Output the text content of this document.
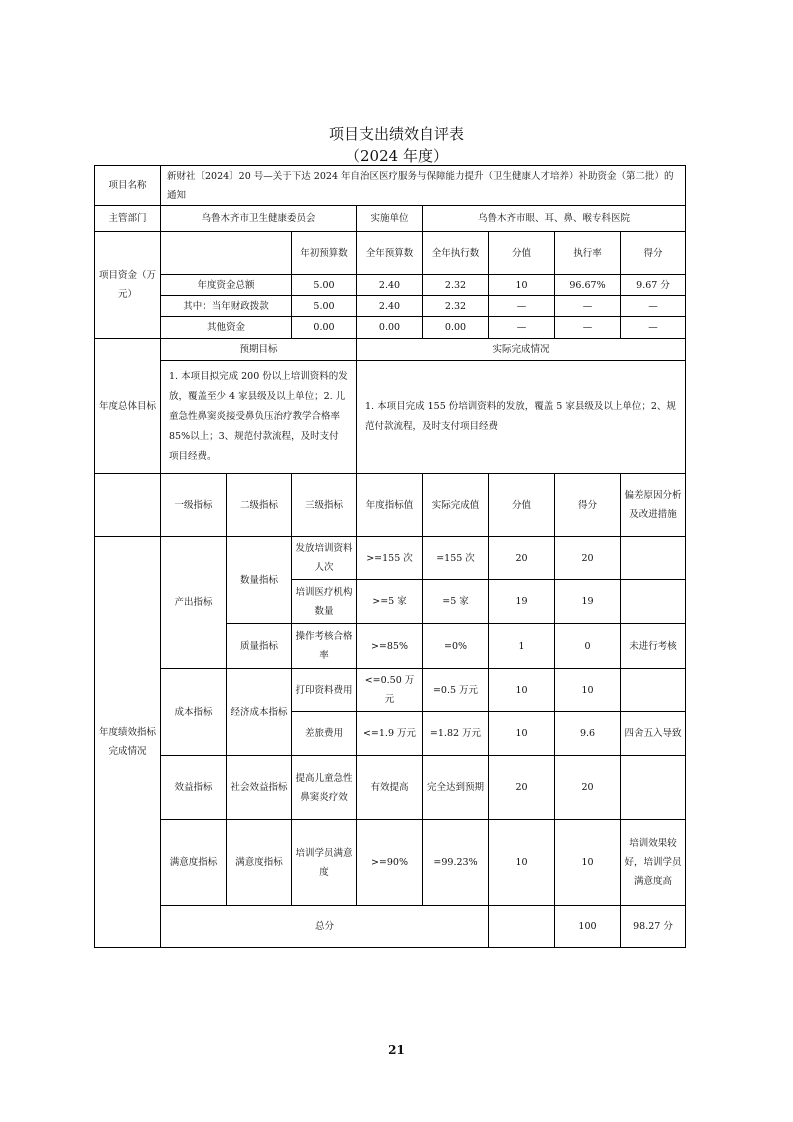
项目支出绩效自评表
（2024 年度）
项目名称	新财社〔2024〕20 号—关于下达 2024 年自治区医疗服务与保障能力提升（卫生健康人才培养）补助资金（第二批）的通知								
主管部门	乌鲁木齐市卫生健康委员会			实施单位	乌鲁木齐市眼、耳、鼻、喉专科医院				
项目资金（万元）			年初预算数	全年预算数	全年执行数	分值	执行率	得分	
	年度资金总额		5.00	2.40	2.32	10	96.67%	9.67 分	
	其中：当年财政拨款		5.00	2.40	2.32	—	—	—	
	其他资金		0.00	0.00	0.00	—	—	—	
年度总体目标	预期目标			实际完成情况					
	1. 本项目拟完成 200 份以上培训资料的发放，覆盖至少 4 家县级及以上单位；2. 儿童急性鼻窦炎接受鼻负压治疗教学合格率 85%以上；3、规范付款流程，及时支付项目经费。			1. 本项目完成 155 份培训资料的发放，覆盖 5 家县级及以上单位；2、规范付款流程，及时支付项目经费					
	一级指标	二级指标	三级指标	年度指标值	实际完成值	分值	得分	偏差原因分析及改进措施	
年度绩效指标完成情况	产出指标	数量指标	发放培训资料人次	>=155 次	=155 次	20	20		
			培训医疗机构数量	>=5 家	=5 家	19	19		
		质量指标	操作考核合格率	>=85%	=0%	1	0	未进行考核	
	成本指标	经济成本指标	打印资料费用	<=0.50 万元	=0.5 万元	10	10		
			差旅费用	<=1.9 万元	=1.82 万元	10	9.6	四舍五入导致	
	效益指标	社会效益指标	提高儿童急性鼻窦炎疗效	有效提高	完全达到预期	20	20		
	满意度指标	满意度指标	培训学员满意度	>=90%	=99.23%	10	10	培训效果较好，培训学员满意度高	
	总分						100	98.27 分	
21
